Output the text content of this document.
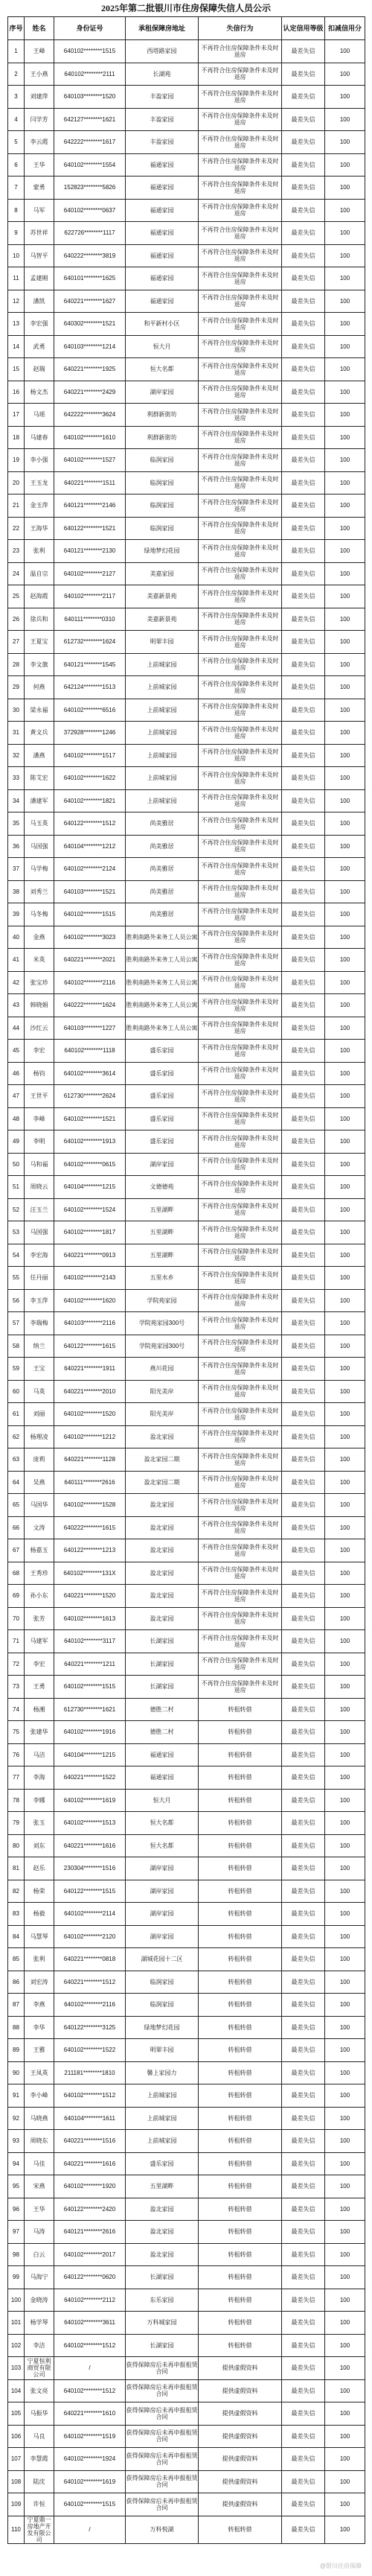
2025年第二批银川市住房保障失信人员公示
序号	姓名	身份证号	承租保障房地址	失信行为	认定信用等级	扣减信用分
1	王峰	640102********1515	西塔路家园	不再符合住房保障条件未及时退房	最差失信	100
2	王小燕	640102********2111	长湖苑	不再符合住房保障条件未及时退房	最差失信	100
3	刘建萍	640103********1520	丰盈家园	不再符合住房保障条件未及时退房	最差失信	100
4	闫学芳	642127********1621	丰盈家园	不再符合住房保障条件未及时退房	最差失信	100
5	李云霞	642222********1617	丰盈家园	不再符合住房保障条件未及时退房	最差失信	100
6	王华	640102********1554	福通家园	不再符合住房保障条件未及时退房	最差失信	100
7	蒙勇	152823********5826	福通家园	不再符合住房保障条件未及时退房	最差失信	100
8	马军	640102********0637	福通家园	不再符合住房保障条件未及时退房	最差失信	100
9	苏世祥	622726********1117	福通家园	不再符合住房保障条件未及时退房	最差失信	100
10	马智平	640222********3819	福通家园	不再符合住房保障条件未及时退房	最差失信	100
11	孟建刚	640101********1625	福通家园	不再符合住房保障条件未及时退房	最差失信	100
12	潘凯	640221********1627	福通家园	不再符合住房保障条件未及时退房	最差失信	100
13	李宏强	640302********1521	和平新村小区	不再符合住房保障条件未及时退房	最差失信	100
14	武勇	640103********1214	恒大月	不再符合住房保障条件未及时退房	最差失信	100
15	赵瑞	640221********1925	恒大名都	不再符合住房保障条件未及时退房	最差失信	100
16	杨文杰	640221********2429	湖岸家园	不再符合住房保障条件未及时退房	最差失信	100
17	马瑶	642222********3624	利群新街坊	不再符合住房保障条件未及时退房	最差失信	100
18	马建春	640102********1610	利群新街坊	不再符合住房保障条件未及时退房	最差失信	100
19	李小强	640102********1527	临润家园	不再符合住房保障条件未及时退房	最差失信	100
20	王玉龙	640221********1511	临润家园	不再符合住房保障条件未及时退房	最差失信	100
21	金玉萍	640121********2146	临润家园	不再符合住房保障条件未及时退房	最差失信	100
22	王海华	640122********1521	临润家园	不再符合住房保障条件未及时退房	最差失信	100
23	张利	640121********2130	绿地梦幻花园	不再符合住房保障条件未及时退房	最差失信	100
24	温自宗	640102********2127	美嘉家园	不再符合住房保障条件未及时退房	最差失信	100
25	赵海霞	640102********2117	美嘉新景苑	不再符合住房保障条件未及时退房	最差失信	100
26	徐兵和	640111********0310	美嘉新景苑	不再符合住房保障条件未及时退房	最差失信	100
27	王夏宝	612732********1624	明翠丰园	不再符合住房保障条件未及时退房	最差失信	100
28	李文旗	640121********1545	上前城家园	不再符合住房保障条件未及时退房	最差失信	100
29	何燕	642124********1513	上前城家园	不再符合住房保障条件未及时退房	最差失信	100
30	梁永福	640102********6516	上前城家园	不再符合住房保障条件未及时退房	最差失信	100
31	黄文兵	372928********1246	上前城家园	不再符合住房保障条件未及时退房	最差失信	100
32	潘燕	640102********1517	上前城家园	不再符合住房保障条件未及时退房	最差失信	100
33	陈艾宏	640102********1622	上前城家园	不再符合住房保障条件未及时退房	最差失信	100
34	潘建军	640102********1821	上前城家园	不再符合住房保障条件未及时退房	最差失信	100
35	马玉英	640122********1512	尚美雅居	不再符合住房保障条件未及时退房	最差失信	100
36	马国强	640104********1212	尚美雅居	不再符合住房保障条件未及时退房	最差失信	100
37	马学梅	640102********2124	尚美雅居	不再符合住房保障条件未及时退房	最差失信	100
38	刘秀兰	640103********1521	尚美雅居	不再符合住房保障条件未及时退房	最差失信	100
39	马冬梅	640102********1515	尚美雅居	不再符合住房保障条件未及时退房	最差失信	100
40	金燕	640102********3023	胜利南路外来务工人员公寓	不再符合住房保障条件未及时退房	最差失信	100
41	米英	640221********2021	胜利南路外来务工人员公寓	不再符合住房保障条件未及时退房	最差失信	100
42	张宝珍	640102********2116	胜利南路外来务工人员公寓	不再符合住房保障条件未及时退房	最差失信	100
43	韩晓娟	640222********1624	胜利南路外来务工人员公寓	不再符合住房保障条件未及时退房	最差失信	100
44	沙红云	640103********1227	胜利南路外来务工人员公寓	不再符合住房保障条件未及时退房	最差失信	100
45	李宏	640102********1118	盛乐家园	不再符合住房保障条件未及时退房	最差失信	100
46	杨钧	640102********3614	盛乐家园	不再符合住房保障条件未及时退房	最差失信	100
47	王世平	612730********2624	盛乐家园	不再符合住房保障条件未及时退房	最差失信	100
48	李峰	640102********1521	盛乐家园	不再符合住房保障条件未及时退房	最差失信	100
49	李明	640102********1913	盛乐家园	不再符合住房保障条件未及时退房	最差失信	100
50	马和福	640102********0615	湖岸家园	不再符合住房保障条件未及时退房	最差失信	100
51	周晓云	640104********1215	文德德苑	不再符合住房保障条件未及时退房	最差失信	100
52	汪玉兰	640102********1524	五里湖畔	不再符合住房保障条件未及时退房	最差失信	100
53	马国强	640102********1817	五里湖畔	不再符合住房保障条件未及时退房	最差失信	100
54	李宏海	640221********0913	五里湖畔	不再符合住房保障条件未及时退房	最差失信	100
55	任丹丽	640102********2143	五里水乡	不再符合住房保障条件未及时退房	最差失信	100
56	李玉萍	640102********1620	学院苑家园	不再符合住房保障条件未及时退房	最差失信	100
57	李瑞梅	640103********2116	学院苑家园300号	不再符合住房保障条件未及时退房	最差失信	100
58	纳兰	640122********1615	学院苑家园300号	不再符合住房保障条件未及时退房	最差失信	100
59	王宝	640221********1911	燕川花园	不再符合住房保障条件未及时退房	最差失信	100
60	马英	640221********2010	阳光美岸	不再符合住房保障条件未及时退房	最差失信	100
61	刘丽	640102********1520	阳光美岸	不再符合住房保障条件未及时退房	最差失信	100
62	杨理凌	640102********1212	盈北家园	不再符合住房保障条件未及时退房	最差失信	100
63	庞莉	640221********1128	盈北家园二期	不再符合住房保障条件未及时退房	最差失信	100
64	吴燕	640111********2616	盈北家园二期	不再符合住房保障条件未及时退房	最差失信	100
65	马国华	640102********1528	盈北家园	不再符合住房保障条件未及时退房	最差失信	100
66	文涛	640222********1615	盈北家园	不再符合住房保障条件未及时退房	最差失信	100
67	杨嘉玉	640122********1213	盈北家园	不再符合住房保障条件未及时退房	最差失信	100
68	王秀珍	640102********131X	盈北家园	不再符合住房保障条件未及时退房	最差失信	100
69	孙小东	640221********1520	盈北家园	不再符合住房保障条件未及时退房	最差失信	100
70	张芳	640102********1613	盈北家园	不再符合住房保障条件未及时退房	最差失信	100
71	马建军	640102********3117	长湖家园	不再符合住房保障条件未及时退房	最差失信	100
72	李宏	640221********1211	长湖家园	不再符合住房保障条件未及时退房	最差失信	100
73	王勇	640102********1515	长湖家园	不再符合住房保障条件未及时退房	最差失信	100
74	杨湘	612730********1621	德胜二村	转租转借	最差失信	100
75	张建华	640102********1916	德胜二村	转租转借	最差失信	100
76	马洁	640104********1215	福通家园	转租转借	最差失信	100
77	李海	640221********1522	福通家园	转租转借	最差失信	100
78	李娜	640102********1619	恒大月	转租转借	最差失信	100
79	张玉	640102********1513	恒大名都	转租转借	最差失信	100
80	刘东	640221********1616	恒大名都	转租转借	最差失信	100
81	赵乐	230304********1516	湖岸家园	转租转借	最差失信	100
82	杨荣	640122********1515	湖岸家园	转租转借	最差失信	100
83	杨毅	640102********2114	湖岸家园	转租转借	最差失信	100
84	马慧琴	640102********2120	湖岸家园	转租转借	最差失信	100
85	张利	640221********0818	湖城花园十二区	转租转借	最差失信	100
86	刘宏涛	640221********1512	临润家园	转租转借	最差失信	100
87	李燕	640102********2116	临润家园	转租转借	最差失信	100
88	李华	640122********3125	绿地梦幻花园	转租转借	最差失信	100
89	王雅	640102********1522	明翠丰园	转租转借	最差失信	100
90	王凤英	211181********1810	馨上家园力	转租转借	最差失信	100
91	李小峰	640102********1512	上前城家园	转租转借	最差失信	100
92	马晓燕	640104********1611	上前城家园	转租转借	最差失信	100
93	周晓东	640221********1516	上前城家园	转租转借	最差失信	100
94	马佳	640221********1616	盛乐家园	转租转借	最差失信	100
95	宋燕	640102********1920	五里湖畔	转租转借	最差失信	100
96	王华	640122********2420	盈北家园	转租转借	最差失信	100
97	马涛	640121********2616	盈北家园	转租转借	最差失信	100
98	白云	640102********2017	盈北家园	转租转借	最差失信	100
99	马海宁	640122********0620	长湖家园	转租转借	最差失信	100
100	金晓涛	640102********2112	东乐家园	转租转借	最差失信	100
101	杨学琴	640102********3611	万科城家园	转租转借	最差失信	100
102	李洁	640102********1512	长湖家园	转租转借	最差失信	100
103	宁夏恒利商贸有限公司	/	获得保障房后未再申报租赁合同	提供虚假资料	最差失信	100
104	张文亮	640102********1512	获得保障房后未再申报租赁合同	提供虚假资料	最差失信	100
105	马振华	640221********1610	获得保障房后未再申报租赁合同	提供虚假资料	最差失信	100
106	马良	640102********1519	获得保障房后未再申报租赁合同	提供虚假资料	最差失信	100
107	李慧霞	640102********1924	获得保障房后未再申报租赁合同	提供虚假资料	最差失信	100
108	陆沈	640102********1619	获得保障房后未再申报租赁合同	提供虚假资料	最差失信	100
109	许恒	640102********1515	获得保障房后未再申报租赁合同	提供虚假资料	最差失信	100
110	宁夏鼎一房地产开发有限公司	/	万科悦湖	转租转借	最差失信	100
@银川住房保障
